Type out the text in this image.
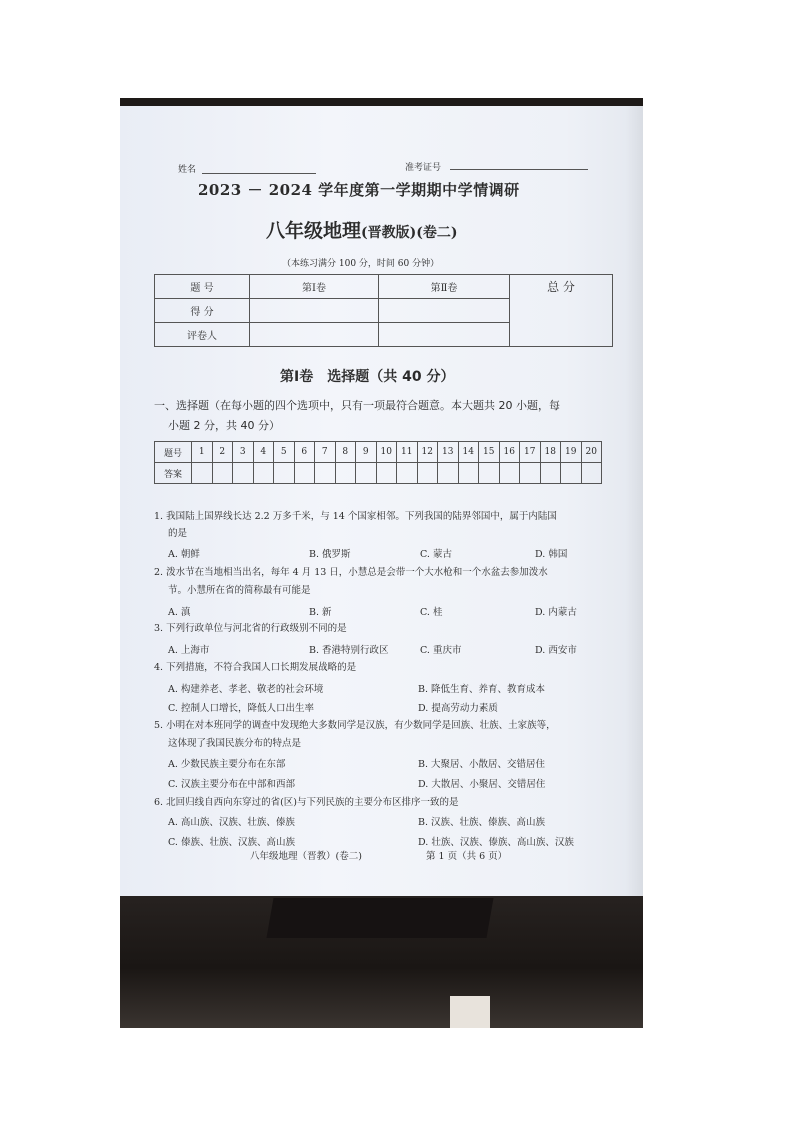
姓名	准考证号
2023 － 2024 学年度第一学期期中学情调研
八年级地理(晋教版)(卷二)
（本练习满分 100 分，时间 60 分钟）
题 号	第Ⅰ卷	第Ⅱ卷	总 分
得 分			
评卷人			
第Ⅰ卷　选择题（共 40 分）
一、选择题（在每小题的四个选项中，只有一项最符合题意。本大题共 20 小题，每
小题 2 分，共 40 分）
题号	1	2	3	4	5	6	7	8	9	10	11	12	13	14	15	16	17	18	19	20
答案																				
1. 我国陆上国界线长达 2.2 万多千米，与 14 个国家相邻。下列我国的陆界邻国中，属于内陆国
的是
A. 朝鲜	B. 俄罗斯	C. 蒙古	D. 韩国
2. 泼水节在当地相当出名，每年 4 月 13 日，小慧总是会带一个大水枪和一个水盆去参加泼水
节。小慧所在省的简称最有可能是
A. 滇	B. 新	C. 桂	D. 内蒙古
3. 下列行政单位与河北省的行政级别不同的是
A. 上海市	B. 香港特别行政区	C. 重庆市	D. 西安市
4. 下列措施，不符合我国人口长期发展战略的是
A. 构建养老、孝老、敬老的社会环境	B. 降低生育、养育、教育成本
C. 控制人口增长，降低人口出生率	D. 提高劳动力素质
5. 小明在对本班同学的调查中发现绝大多数同学是汉族，有少数同学是回族、壮族、土家族等，
这体现了我国民族分布的特点是
A. 少数民族主要分布在东部	B. 大聚居、小散居、交错居住
C. 汉族主要分布在中部和西部	D. 大散居、小聚居、交错居住
6. 北回归线自西向东穿过的省(区)与下列民族的主要分布区排序一致的是
A. 高山族、汉族、壮族、傣族	B. 汉族、壮族、傣族、高山族
C. 傣族、壮族、汉族、高山族	D. 壮族、汉族、傣族、高山族、汉族
八年级地理（晋教）(卷二)	第 1 页（共 6 页）
